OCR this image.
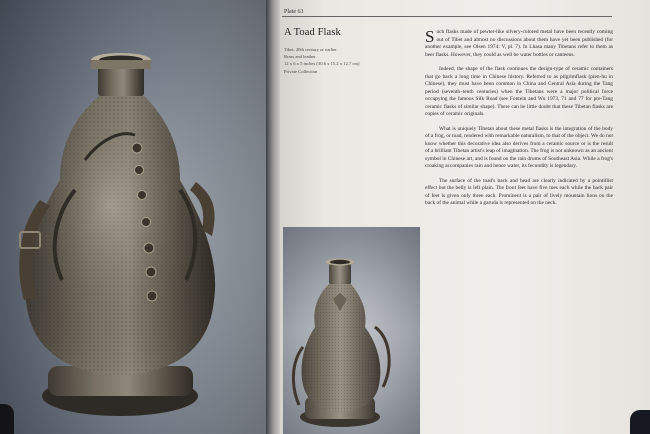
Plate 63
A Toad Flask
Tibet, 20th century or earlier
Brass and leather
12 x 6 x 5 inches (30.6 x 15.2 x 12.7 cm)
Private Collection

Such flasks made of pewter-like silvery-colored metal have been recently coming out of Tibet and almost no discussions about them have yet been published (for another example, see Olsen 1974: V, pl. 7). In Lhasa many Tibetans refer to them as beer flasks. However, they could as well be water bottles or canteens.

Indeed, the shape of the flask continues the design-type of ceramic containers that go back a long time in Chinese history. Referred to as pilgrimflask (pien-hu in Chinese), they must have been common in China and Central Asia during the Tang period (seventh–tenth centuries) when the Tibetans were a major political force occupying the famous Silk Road (see Fontein and Wu 1973, 71 and 77 for pre-Tang ceramic flasks of similar shape). There can be little doubt that these Tibetan flasks are copies of ceramic originals.

What is uniquely Tibetan about these metal flasks is the integration of the body of a frog, or toad, rendered with remarkable naturalism, to that of the object. We do not know whether this decorative idea also derives from a ceramic source or is the result of a brilliant Tibetan artist's leap of imagination. The frog is not unknown as an ancient symbol in Chinese art, and is found on the rain drums of Southeast Asia. While a frog's croaking accompanies rain and hence water, its fecundity is legendary.

The surface of the toad's back and head are clearly indicated by a pointillist effect but the belly is left plain. The front feet have five toes each while the back pair of feet is given only three each. Prominent is a pair of lively mountain lions on the back of the animal while a garuda is represented on the neck.
